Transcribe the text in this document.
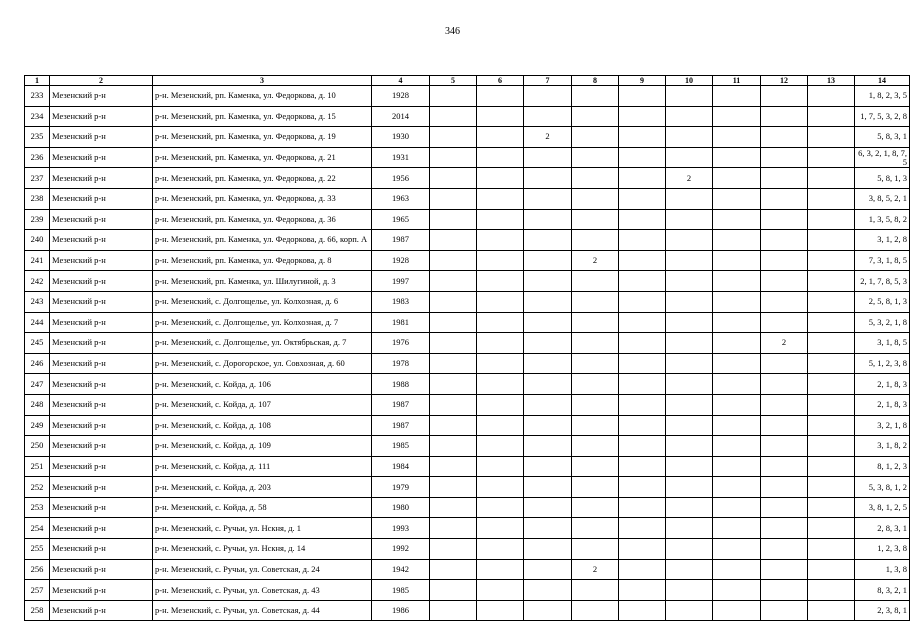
346
1	2	3	4	5	6	7	8	9	10	11	12	13	14
233	Мезенский р-н	р-н. Мезенский, рп. Каменка, ул. Федоркова, д. 10	1928										1, 8, 2, 3, 5
234	Мезенский р-н	р-н. Мезенский, рп. Каменка, ул. Федоркова, д. 15	2014										1, 7, 5, 3, 2, 8
235	Мезенский р-н	р-н. Мезенский, рп. Каменка, ул. Федоркова, д. 19	1930			2							5, 8, 3, 1
236	Мезенский р-н	р-н. Мезенский, рп. Каменка, ул. Федоркова, д. 21	1931										6, 3, 2, 1, 8, 7, 5
237	Мезенский р-н	р-н. Мезенский, рп. Каменка, ул. Федоркова, д. 22	1956						2				5, 8, 1, 3
238	Мезенский р-н	р-н. Мезенский, рп. Каменка, ул. Федоркова, д. 33	1963										3, 8, 5, 2, 1
239	Мезенский р-н	р-н. Мезенский, рп. Каменка, ул. Федоркова, д. 36	1965										1, 3, 5, 8, 2
240	Мезенский р-н	р-н. Мезенский, рп. Каменка, ул. Федоркова, д. 66, корп. А	1987										3, 1, 2, 8
241	Мезенский р-н	р-н. Мезенский, рп. Каменка, ул. Федоркова, д. 8	1928				2						7, 3, 1, 8, 5
242	Мезенский р-н	р-н. Мезенский, рп. Каменка, ул. Шилугиной, д. 3	1997										2, 1, 7, 8, 5, 3
243	Мезенский р-н	р-н. Мезенский, с. Долгощелье, ул. Колхозная, д. 6	1983										2, 5, 8, 1, 3
244	Мезенский р-н	р-н. Мезенский, с. Долгощелье, ул. Колхозная, д. 7	1981										5, 3, 2, 1, 8
245	Мезенский р-н	р-н. Мезенский, с. Долгощелье, ул. Октябрьская, д. 7	1976								2		3, 1, 8, 5
246	Мезенский р-н	р-н. Мезенский, с. Дорогорское, ул. Совхозная, д. 60	1978										5, 1, 2, 3, 8
247	Мезенский р-н	р-н. Мезенский, с. Койда, д. 106	1988										2, 1, 8, 3
248	Мезенский р-н	р-н. Мезенский, с. Койда, д. 107	1987										2, 1, 8, 3
249	Мезенский р-н	р-н. Мезенский, с. Койда, д. 108	1987										3, 2, 1, 8
250	Мезенский р-н	р-н. Мезенский, с. Койда, д. 109	1985										3, 1, 8, 2
251	Мезенский р-н	р-н. Мезенский, с. Койда, д. 111	1984										8, 1, 2, 3
252	Мезенский р-н	р-н. Мезенский, с. Койда, д. 203	1979										5, 3, 8, 1, 2
253	Мезенский р-н	р-н. Мезенский, с. Койда, д. 58	1980										3, 8, 1, 2, 5
254	Мезенский р-н	р-н. Мезенский, с. Ручьи, ул. Нскня, д. 1	1993										2, 8, 3, 1
255	Мезенский р-н	р-н. Мезенский, с. Ручьи, ул. Нскня, д. 14	1992										1, 2, 3, 8
256	Мезенский р-н	р-н. Мезенский, с. Ручьи, ул. Советская, д. 24	1942				2						1, 3, 8
257	Мезенский р-н	р-н. Мезенский, с. Ручьи, ул. Советская, д. 43	1985										8, 3, 2, 1
258	Мезенский р-н	р-н. Мезенский, с. Ручьи, ул. Советская, д. 44	1986										2, 3, 8, 1
